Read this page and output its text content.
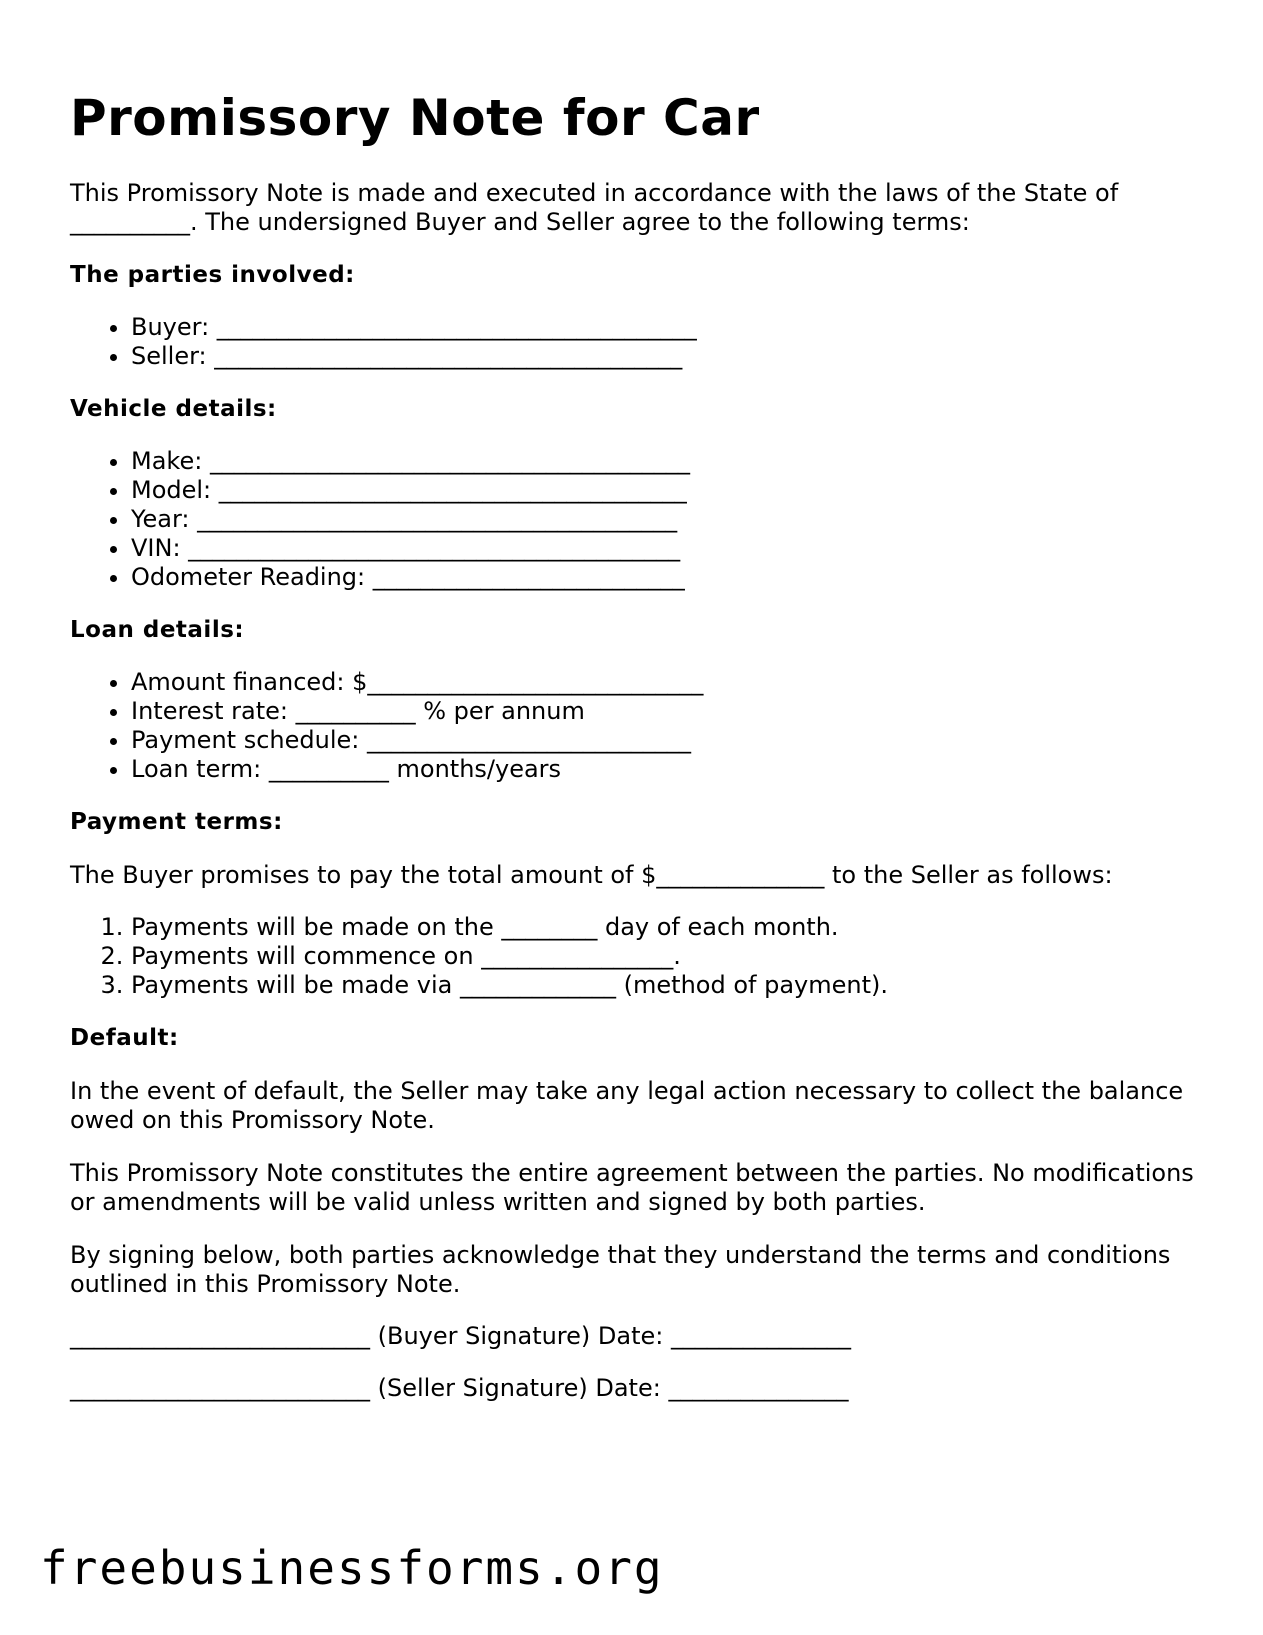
Promissory Note for Car

This Promissory Note is made and executed in accordance with the laws of the State of __________. The undersigned Buyer and Seller agree to the following terms:

The parties involved:
• Buyer: ________________________________________
• Seller: _______________________________________
Vehicle details:
• Make: ________________________________________
• Model: _______________________________________
• Year: ________________________________________
• VIN: _________________________________________
• Odometer Reading: __________________________
Loan details:
• Amount financed: $____________________________
• Interest rate: __________ % per annum
• Payment schedule: ___________________________
• Loan term: __________ months/years
Payment terms:

The Buyer promises to pay the total amount of $______________ to the Seller as follows:

1. Payments will be made on the ________ day of each month.
2. Payments will commence on ________________.
3. Payments will be made via _____________ (method of payment).
Default:

In the event of default, the Seller may take any legal action necessary to collect the balance owed on this Promissory Note.

This Promissory Note constitutes the entire agreement between the parties. No modifications or amendments will be valid unless written and signed by both parties.

By signing below, both parties acknowledge that they understand the terms and conditions outlined in this Promissory Note.

_________________________ (Buyer Signature) Date: _______________

_________________________ (Seller Signature) Date: _______________

freebusinessforms.org
